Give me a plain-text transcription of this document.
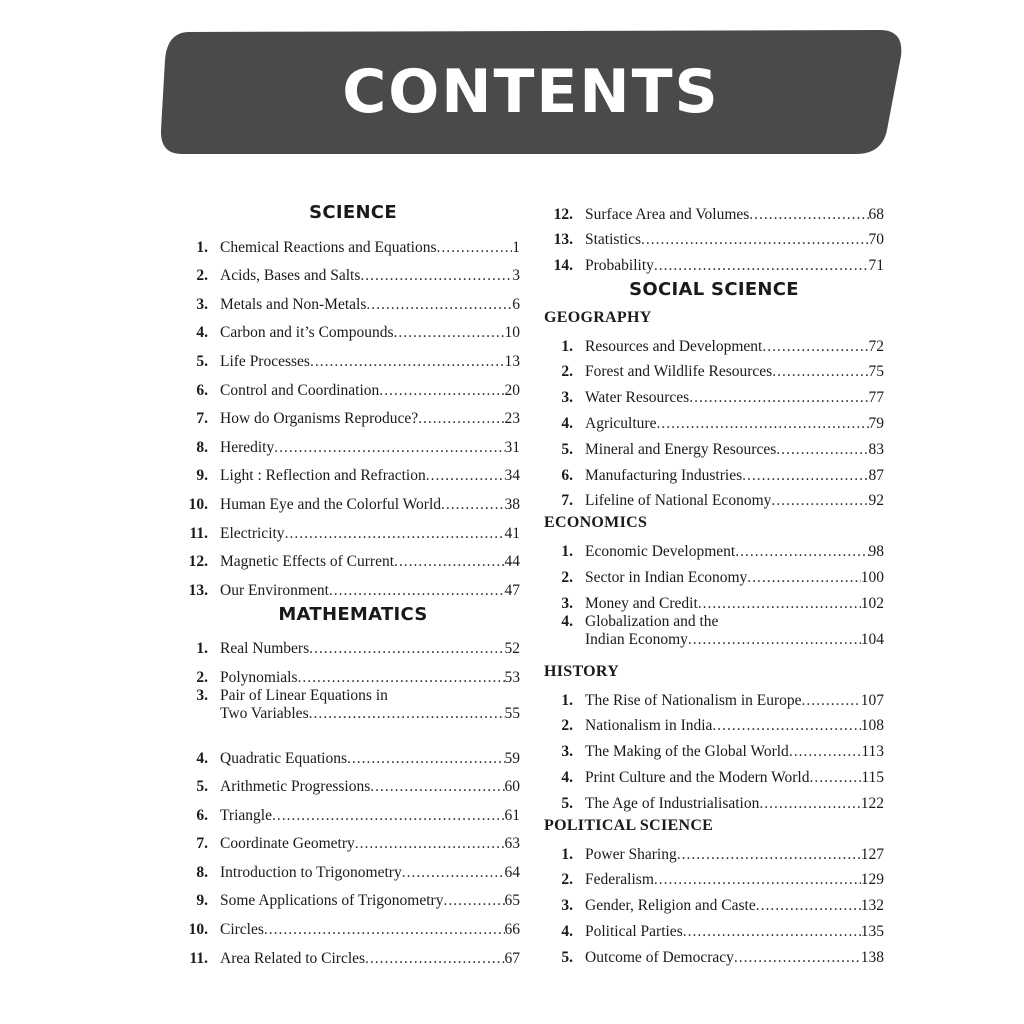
CONTENTS
SCIENCE
1. Chemical Reactions and Equations .....	1
2. Acids, Bases and Salts .....	3
3. Metals and Non-Metals .....	6
4. Carbon and it’s Compounds .....	10
5. Life Processes .....	13
6. Control and Coordination .....	20
7. How do Organisms Reproduce? .....	23
8. Heredity .....	31
9. Light : Reflection and Refraction .....	34
10. Human Eye and the Colorful World .....	38
11. Electricity .....	41
12. Magnetic Effects of Current .....	44
13. Our Environment .....	47
MATHEMATICS
1. Real Numbers .....	52
2. Polynomials .....	53
3. Pair of Linear Equations in
Two Variables .....	55
4. Quadratic Equations .....	59
5. Arithmetic Progressions .....	60
6. Triangle .....	61
7. Coordinate Geometry .....	63
8. Introduction to Trigonometry .....	64
9. Some Applications of Trigonometry .....	65
10. Circles .....	66
11. Area Related to Circles .....	67
12. Surface Area and Volumes .....	68
13. Statistics .....	70
14. Probability .....	71
SOCIAL SCIENCE
GEOGRAPHY
1. Resources and Development .....	72
2. Forest and Wildlife Resources .....	75
3. Water Resources .....	77
4. Agriculture .....	79
5. Mineral and Energy Resources .....	83
6. Manufacturing Industries .....	87
7. Lifeline of National Economy .....	92
ECONOMICS
1. Economic Development .....	98
2. Sector in Indian Economy .....	100
3. Money and Credit .....	102
4. Globalization and the
Indian Economy .....	104
HISTORY
1. The Rise of Nationalism in Europe .....	107
2. Nationalism in India .....	108
3. The Making of the Global World .....	113
4. Print Culture and the Modern World .....	115
5. The Age of Industrialisation .....	122
POLITICAL SCIENCE
1. Power Sharing .....	127
2. Federalism .....	129
3. Gender, Religion and Caste .....	132
4. Political Parties .....	135
5. Outcome of Democracy .....	138
